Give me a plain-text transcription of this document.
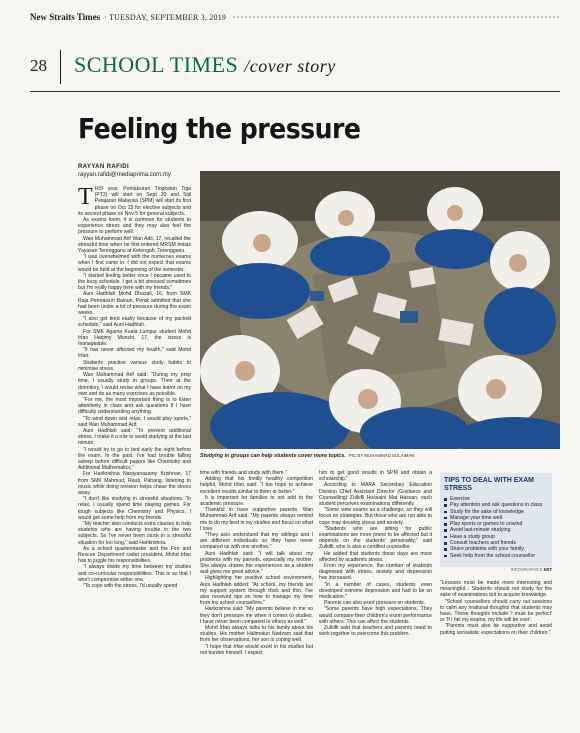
New Straits Times · TUESDAY, SEPTEMBER 3, 2019
28 SCHOOL TIMES /cover story
Feeling the pressure
RAYYAN RAFIDI
rayyan.rafidi@mediaprima.com.my
T HIS year, Pentaksiran Tingkatan Tiga (PT3) will start on Sept 30 and Sijil Pelajaran Malaysia (SPM) will start its first phase on Oct 15 for elective subjects and its second phase on Nov 5 for general subjects.

As exams loom, it is common for students to experience stress and they may also feel the pressure to perform well.

Wan Muhammad Arif Wan Adli, 17, recalled the stressful time when he first entered MRSM Imtiaz Yayasan Terengganu at Ketengah, Terengganu.

"I was overwhelmed with the numerous exams when I first came in. I did not expect that exams would be held at the beginning of the semester.

"I started feeling better once I became used to the busy schedule. I get a bit stressed sometimes but I'm really happy here with my friends."

Auni Hadhlah Mohd Dhazali, 16, from SMK Raja Permaisuri Bainun, Perak admitted that she had been under a lot of pressure during the exam weeks.

"I also get tired easily because of my packed schedule," said Auni Hadhlah.

For SMK Agama Kuala Lumpur student Mohd Irfan Haqimy Munshi, 17, the stress is manageable.

"It has never affected my health," said Mohd Irfan.

Students practise various study habits to minimise stress.

Wan Muhammad Arif said: "During my prep time, I usually study in groups. Then at the dormitory, I would revise what I have learnt on my own and do as many exercises as possible.

"For me, the most important thing is to listen attentively in class and ask questions if I have difficulty understanding anything.

"To wind down and relax, I would play sports," said Wan Muhammad Arif.

Auni Hadhlah said: "To prevent additional stress, I make it a rule to avoid studying at the last minute.

"I would try to go to bed early the night before the exam. In the past, I've had trouble falling asleep before difficult papers like Chemistry and Additional Mathematics."

For Harikrishna Narayanasamy Krishnan, 17 from SMK Mahmud, Raub, Pahang, listening to music while doing revision helps chase the stress away.

"I don't like studying in stressful situations. To relax, I usually spend time playing games. For tough subjects like Chemistry and Physics, I would get some help from my friends.

"My teacher also conducts extra classes to help students who are having trouble in the two subjects. So I've never been stuck in a stressful situation for too long," said Harikrishna.

As a school quartermaster and the Fire and Rescue Department cadet president, Mohd Irfan has to juggle his responsibilities.

"I always divide my time between my studies and co-curricular responsibilities. This is so that I won't compromise either one.

"To cope with the stress, I'd usually spend

Studying in groups can help students cover more topics. PIC BY MUHAMMAD SULAIMAN

time with friends and study with them."

Adding that his fondly healthy competition helpful, Mohd Irfan said: "I too hope to achieve excellent results similar to them or better."

It is important for families to not add to the academic pressure.

Thankful to have supportive parents, Wan Muhammad Arif said: "My parents always remind me to do my best in my studies and focus on what I love.

"They also understand that my siblings and I are different individuals so they have never compared us with one another."

Auni Hadhlah said: "I will talk about my problems with my parents, especially my mother. She always shares her experiences as a student and gives me great advice."

Highlighting her positive school environment, Auni Hadhlah added: "At school, my friends are my support system through thick and thin. I've also received tips on how to manage my time from my school counsellors."

Harikrishna said: "My parents believe in me so they don't pressure me when it comes to studies. I have never been compared to others as well."

Mohd Irfan always talks to his family about his studies. His mother Halimatun Nadzam said that from her observations, her son is coping well.

"I hope that Irfan would excel in his studies but not burden himself. I expect

him to get good results in SPM and obtain a scholarship."

According to MARA Secondary Education Division Chief Assistant Director (Guidance and Counselling) Zulkifli Hussaini Mat Hassan, each student perceives examinations differently.

"Some view exams as a challenge, so they will focus on strategies. But those who are not able to cope may develop stress and anxiety.

"Students who are sitting for public examinations are more prone to be affected but it depends on the students' personality," said Zulkifli, who is also a certified counsellor.

He added that students these days are more affected by academic stress.

From my experience, the number of students diagnosed with stress, anxiety and depression has increased.

"In a number of cases, students even developed extreme depression and had to be on medication."

Parents can also exert pressure on students.

"Some parents have high expectations. They would compare their children's exam performance with others. This can affect the students.

Zulkifli said that teachers and parents need to work together to overcome this problem.

TIPS TO DEAL WITH EXAM STRESS
Exercise
Pay attention and ask questions in class
Study for the sake of knowledge
Manage your time well
Play sports or games to unwind
Avoid last-minute studying
Have a study group
Consult teachers and friends
Share problems with your family
Seek help from the school counsellor
INFOGRAPHICS NST

"Lessons must be made more interesting and meaningful... Students should not study for the sake of examinations but to acquire knowledge.

"School counsellors should carry out sessions to calm any irrational thoughts that students may have. These thoughts include 'I must be perfect' or 'If I fail my exams, my life will be over'.

"Parents must also be supportive and avoid putting unrealistic expectations on their children."
